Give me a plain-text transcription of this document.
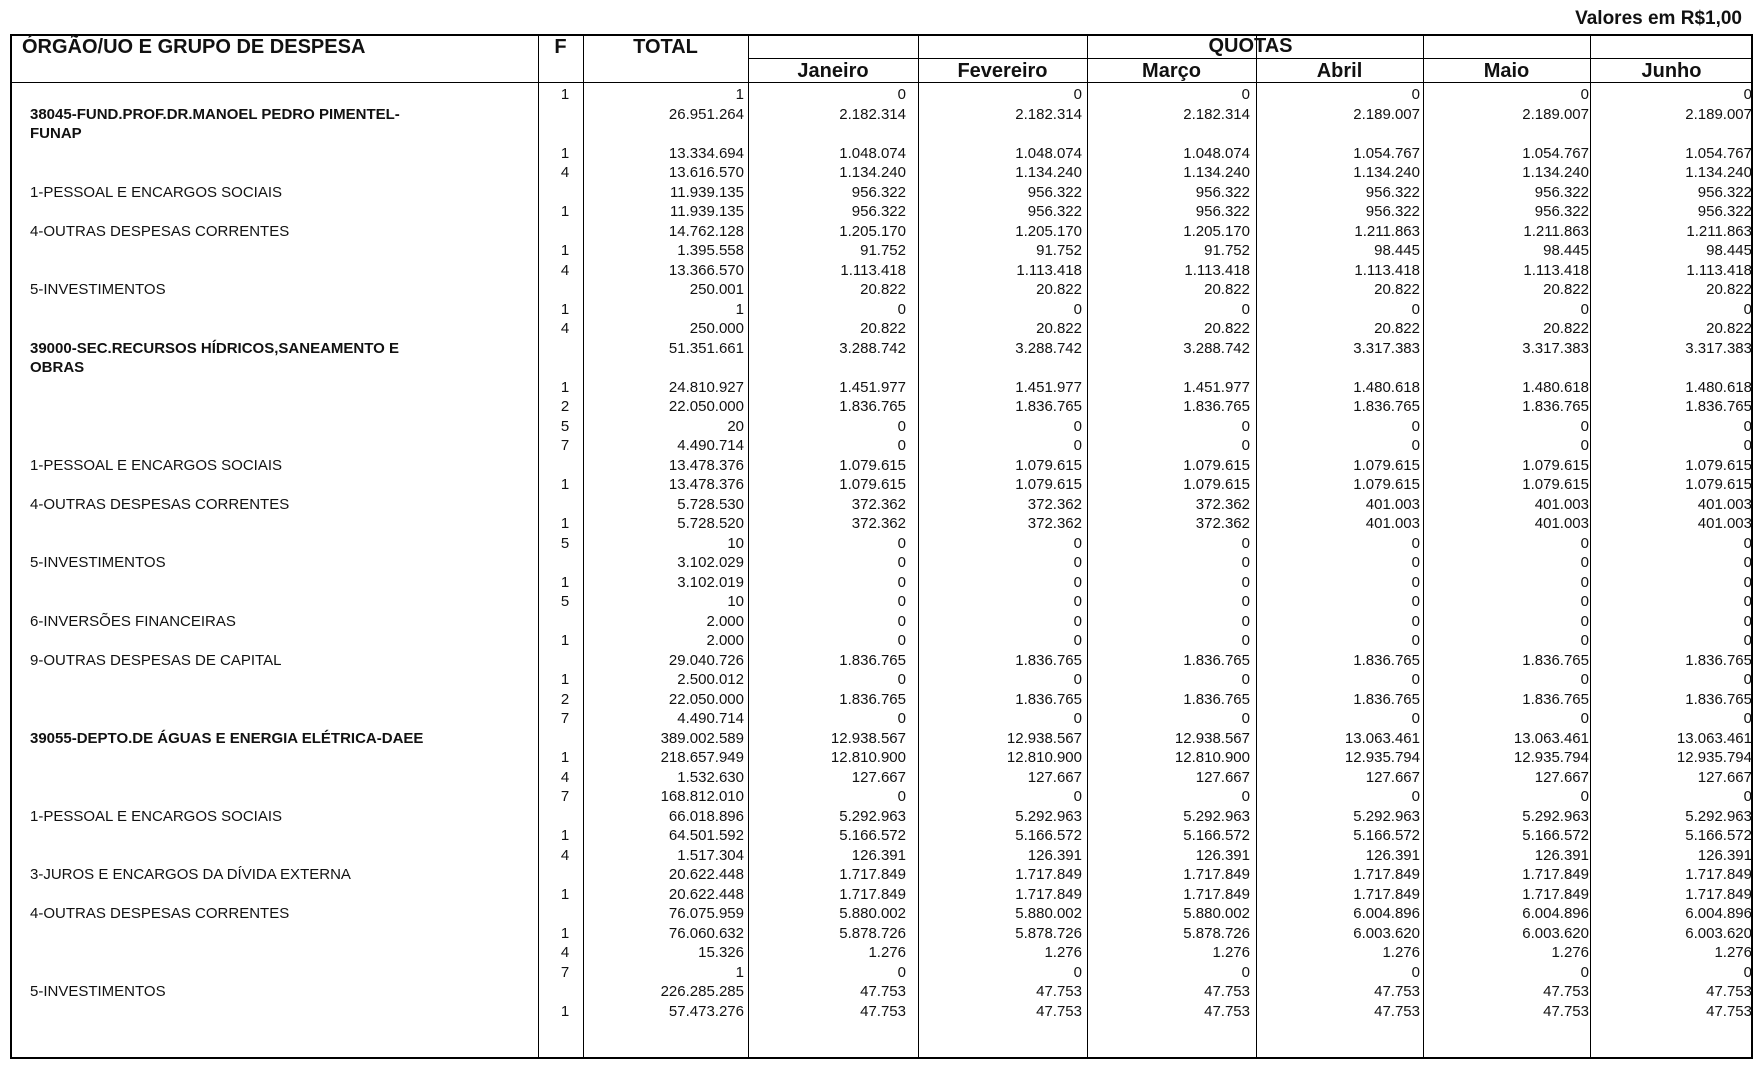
Valores em R$1,00
ÓRGÃO/UO E GRUPO DE DESPESA	F	TOTAL	QUOTAS
Janeiro	Fevereiro	Março	Abril	Maio	Junho
1	1	0	0	0	0	0	0
38045-FUND.PROF.DR.MANOEL PEDRO PIMENTEL-
FUNAP
26.951.264	2.182.314	2.182.314	2.182.314	2.189.007	2.189.007	2.189.007
1	13.334.694	1.048.074	1.048.074	1.048.074	1.054.767	1.054.767	1.054.767
4	13.616.570	1.134.240	1.134.240	1.134.240	1.134.240	1.134.240	1.134.240
1-PESSOAL E ENCARGOS SOCIAIS	11.939.135	956.322	956.322	956.322	956.322	956.322	956.322
1	11.939.135	956.322	956.322	956.322	956.322	956.322	956.322
4-OUTRAS DESPESAS CORRENTES	14.762.128	1.205.170	1.205.170	1.205.170	1.211.863	1.211.863	1.211.863
1	1.395.558	91.752	91.752	91.752	98.445	98.445	98.445
4	13.366.570	1.113.418	1.113.418	1.113.418	1.113.418	1.113.418	1.113.418
5-INVESTIMENTOS	250.001	20.822	20.822	20.822	20.822	20.822	20.822
1	1	0	0	0	0	0	0
4	250.000	20.822	20.822	20.822	20.822	20.822	20.822
39000-SEC.RECURSOS HÍDRICOS,SANEAMENTO E
OBRAS
51.351.661	3.288.742	3.288.742	3.288.742	3.317.383	3.317.383	3.317.383
1	24.810.927	1.451.977	1.451.977	1.451.977	1.480.618	1.480.618	1.480.618
2	22.050.000	1.836.765	1.836.765	1.836.765	1.836.765	1.836.765	1.836.765
5	20	0	0	0	0	0	0
7	4.490.714	0	0	0	0	0	0
1-PESSOAL E ENCARGOS SOCIAIS	13.478.376	1.079.615	1.079.615	1.079.615	1.079.615	1.079.615	1.079.615
1	13.478.376	1.079.615	1.079.615	1.079.615	1.079.615	1.079.615	1.079.615
4-OUTRAS DESPESAS CORRENTES	5.728.530	372.362	372.362	372.362	401.003	401.003	401.003
1	5.728.520	372.362	372.362	372.362	401.003	401.003	401.003
5	10	0	0	0	0	0	0
5-INVESTIMENTOS	3.102.029	0	0	0	0	0	0
1	3.102.019	0	0	0	0	0	0
5	10	0	0	0	0	0	0
6-INVERSÕES FINANCEIRAS	2.000	0	0	0	0	0	0
1	2.000	0	0	0	0	0	0
9-OUTRAS DESPESAS DE CAPITAL	29.040.726	1.836.765	1.836.765	1.836.765	1.836.765	1.836.765	1.836.765
1	2.500.012	0	0	0	0	0	0
2	22.050.000	1.836.765	1.836.765	1.836.765	1.836.765	1.836.765	1.836.765
7	4.490.714	0	0	0	0	0	0
39055-DEPTO.DE ÁGUAS E ENERGIA ELÉTRICA-DAEE	389.002.589	12.938.567	12.938.567	12.938.567	13.063.461	13.063.461	13.063.461
1	218.657.949	12.810.900	12.810.900	12.810.900	12.935.794	12.935.794	12.935.794
4	1.532.630	127.667	127.667	127.667	127.667	127.667	127.667
7	168.812.010	0	0	0	0	0	0
1-PESSOAL E ENCARGOS SOCIAIS	66.018.896	5.292.963	5.292.963	5.292.963	5.292.963	5.292.963	5.292.963
1	64.501.592	5.166.572	5.166.572	5.166.572	5.166.572	5.166.572	5.166.572
4	1.517.304	126.391	126.391	126.391	126.391	126.391	126.391
3-JUROS E ENCARGOS DA DÍVIDA EXTERNA	20.622.448	1.717.849	1.717.849	1.717.849	1.717.849	1.717.849	1.717.849
1	20.622.448	1.717.849	1.717.849	1.717.849	1.717.849	1.717.849	1.717.849
4-OUTRAS DESPESAS CORRENTES	76.075.959	5.880.002	5.880.002	5.880.002	6.004.896	6.004.896	6.004.896
1	76.060.632	5.878.726	5.878.726	5.878.726	6.003.620	6.003.620	6.003.620
4	15.326	1.276	1.276	1.276	1.276	1.276	1.276
7	1	0	0	0	0	0	0
5-INVESTIMENTOS	226.285.285	47.753	47.753	47.753	47.753	47.753	47.753
1	57.473.276	47.753	47.753	47.753	47.753	47.753	47.753
